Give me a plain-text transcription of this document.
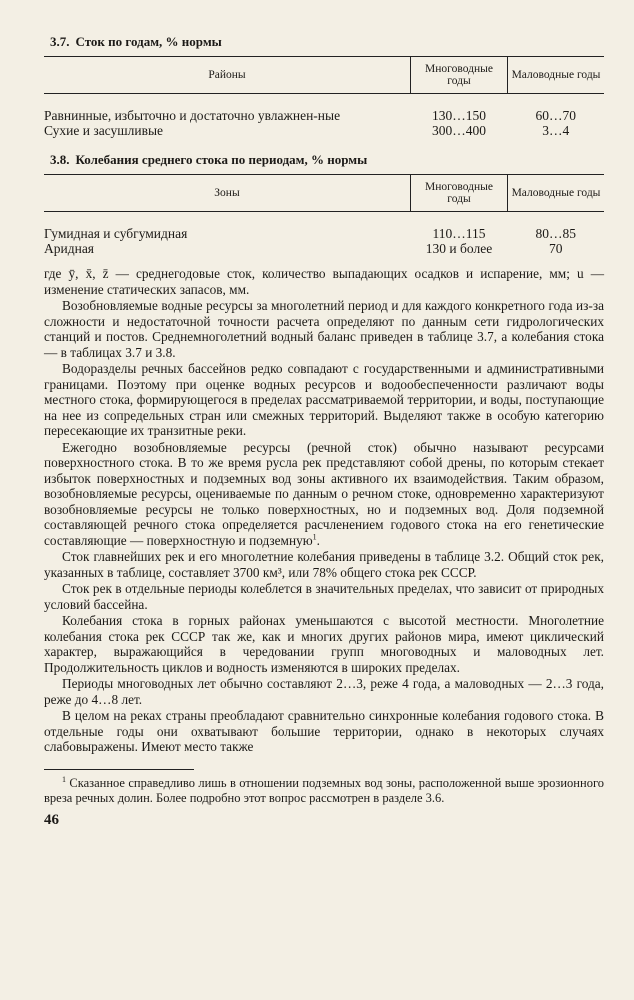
3.7. Сток по годам, % нормы
Районы	Многоводные годы	Маловодные годы

Равнинные, избыточно и достаточно увлажнен-ные	130…150	60…70
Сухие и засушливые	300…400	3…4
3.8. Колебания среднего стока по периодам, % нормы
Зоны	Многоводные годы	Маловодные годы

Гумидная и субгумидная	110…115	80…85
Аридная	130 и более	70

где ȳ, x̄, z̄ — среднегодовые сток, количество выпадающих осадков и испарение, мм; u — изменение статических запасов, мм.

Возобновляемые водные ресурсы за многолетний период и для каждого конкретного года из-за сложности и недостаточной точности расчета определяют по данным сети гидрологических станций и постов. Среднемноголетний водный баланс приведен в таблице 3.7, а колебания стока — в таблицах 3.7 и 3.8.

Водоразделы речных бассейнов редко совпадают с государственными и административными границами. Поэтому при оценке водных ресурсов и водообеспеченности различают воды местного стока, формирующегося в пределах рассматриваемой территории, и воды, поступающие на нее из сопредельных стран или смежных территорий. Выделяют также в особую категорию пересекающие их транзитные реки.

Ежегодно возобновляемые ресурсы (речной сток) обычно называют ресурсами поверхностного стока. В то же время русла рек представляют собой дрены, по которым стекает избыток поверхностных и подземных вод зоны активного их взаимодействия. Таким образом, возобновляемые ресурсы, оцениваемые по данным о речном стоке, одновременно характеризуют возобновляемые ресурсы не только поверхностных, но и подземных вод. Доля подземной составляющей речного стока определяется расчленением годового стока на его генетические составляющие — поверхностную и подземную$^1$.

Сток главнейших рек и его многолетние колебания приведены в таблице 3.2. Общий сток рек, указанных в таблице, составляет 3700 км³, или 78% общего стока рек СССР.

Сток рек в отдельные периоды колеблется в значительных пределах, что зависит от природных условий бассейна.

Колебания стока в горных районах уменьшаются с высотой местности. Многолетние колебания стока рек СССР так же, как и многих других районов мира, имеют циклический характер, выражающийся в чередовании групп многоводных и маловодных лет. Продолжительность циклов и водность изменяются в широких пределах.

Периоды многоводных лет обычно составляют 2…3, реже 4 года, а маловодных — 2…3 года, реже до 4…8 лет.

В целом на реках страны преобладают сравнительно синхронные колебания годового стока. В отдельные годы они охватывают большие территории, однако в некоторых случаях слабовыражены. Имеют место также

$^1$ Сказанное справедливо лишь в отношении подземных вод зоны, расположенной выше эрозионного вреза речных долин. Более подробно этот вопрос рассмотрен в разделе 3.6.
46
